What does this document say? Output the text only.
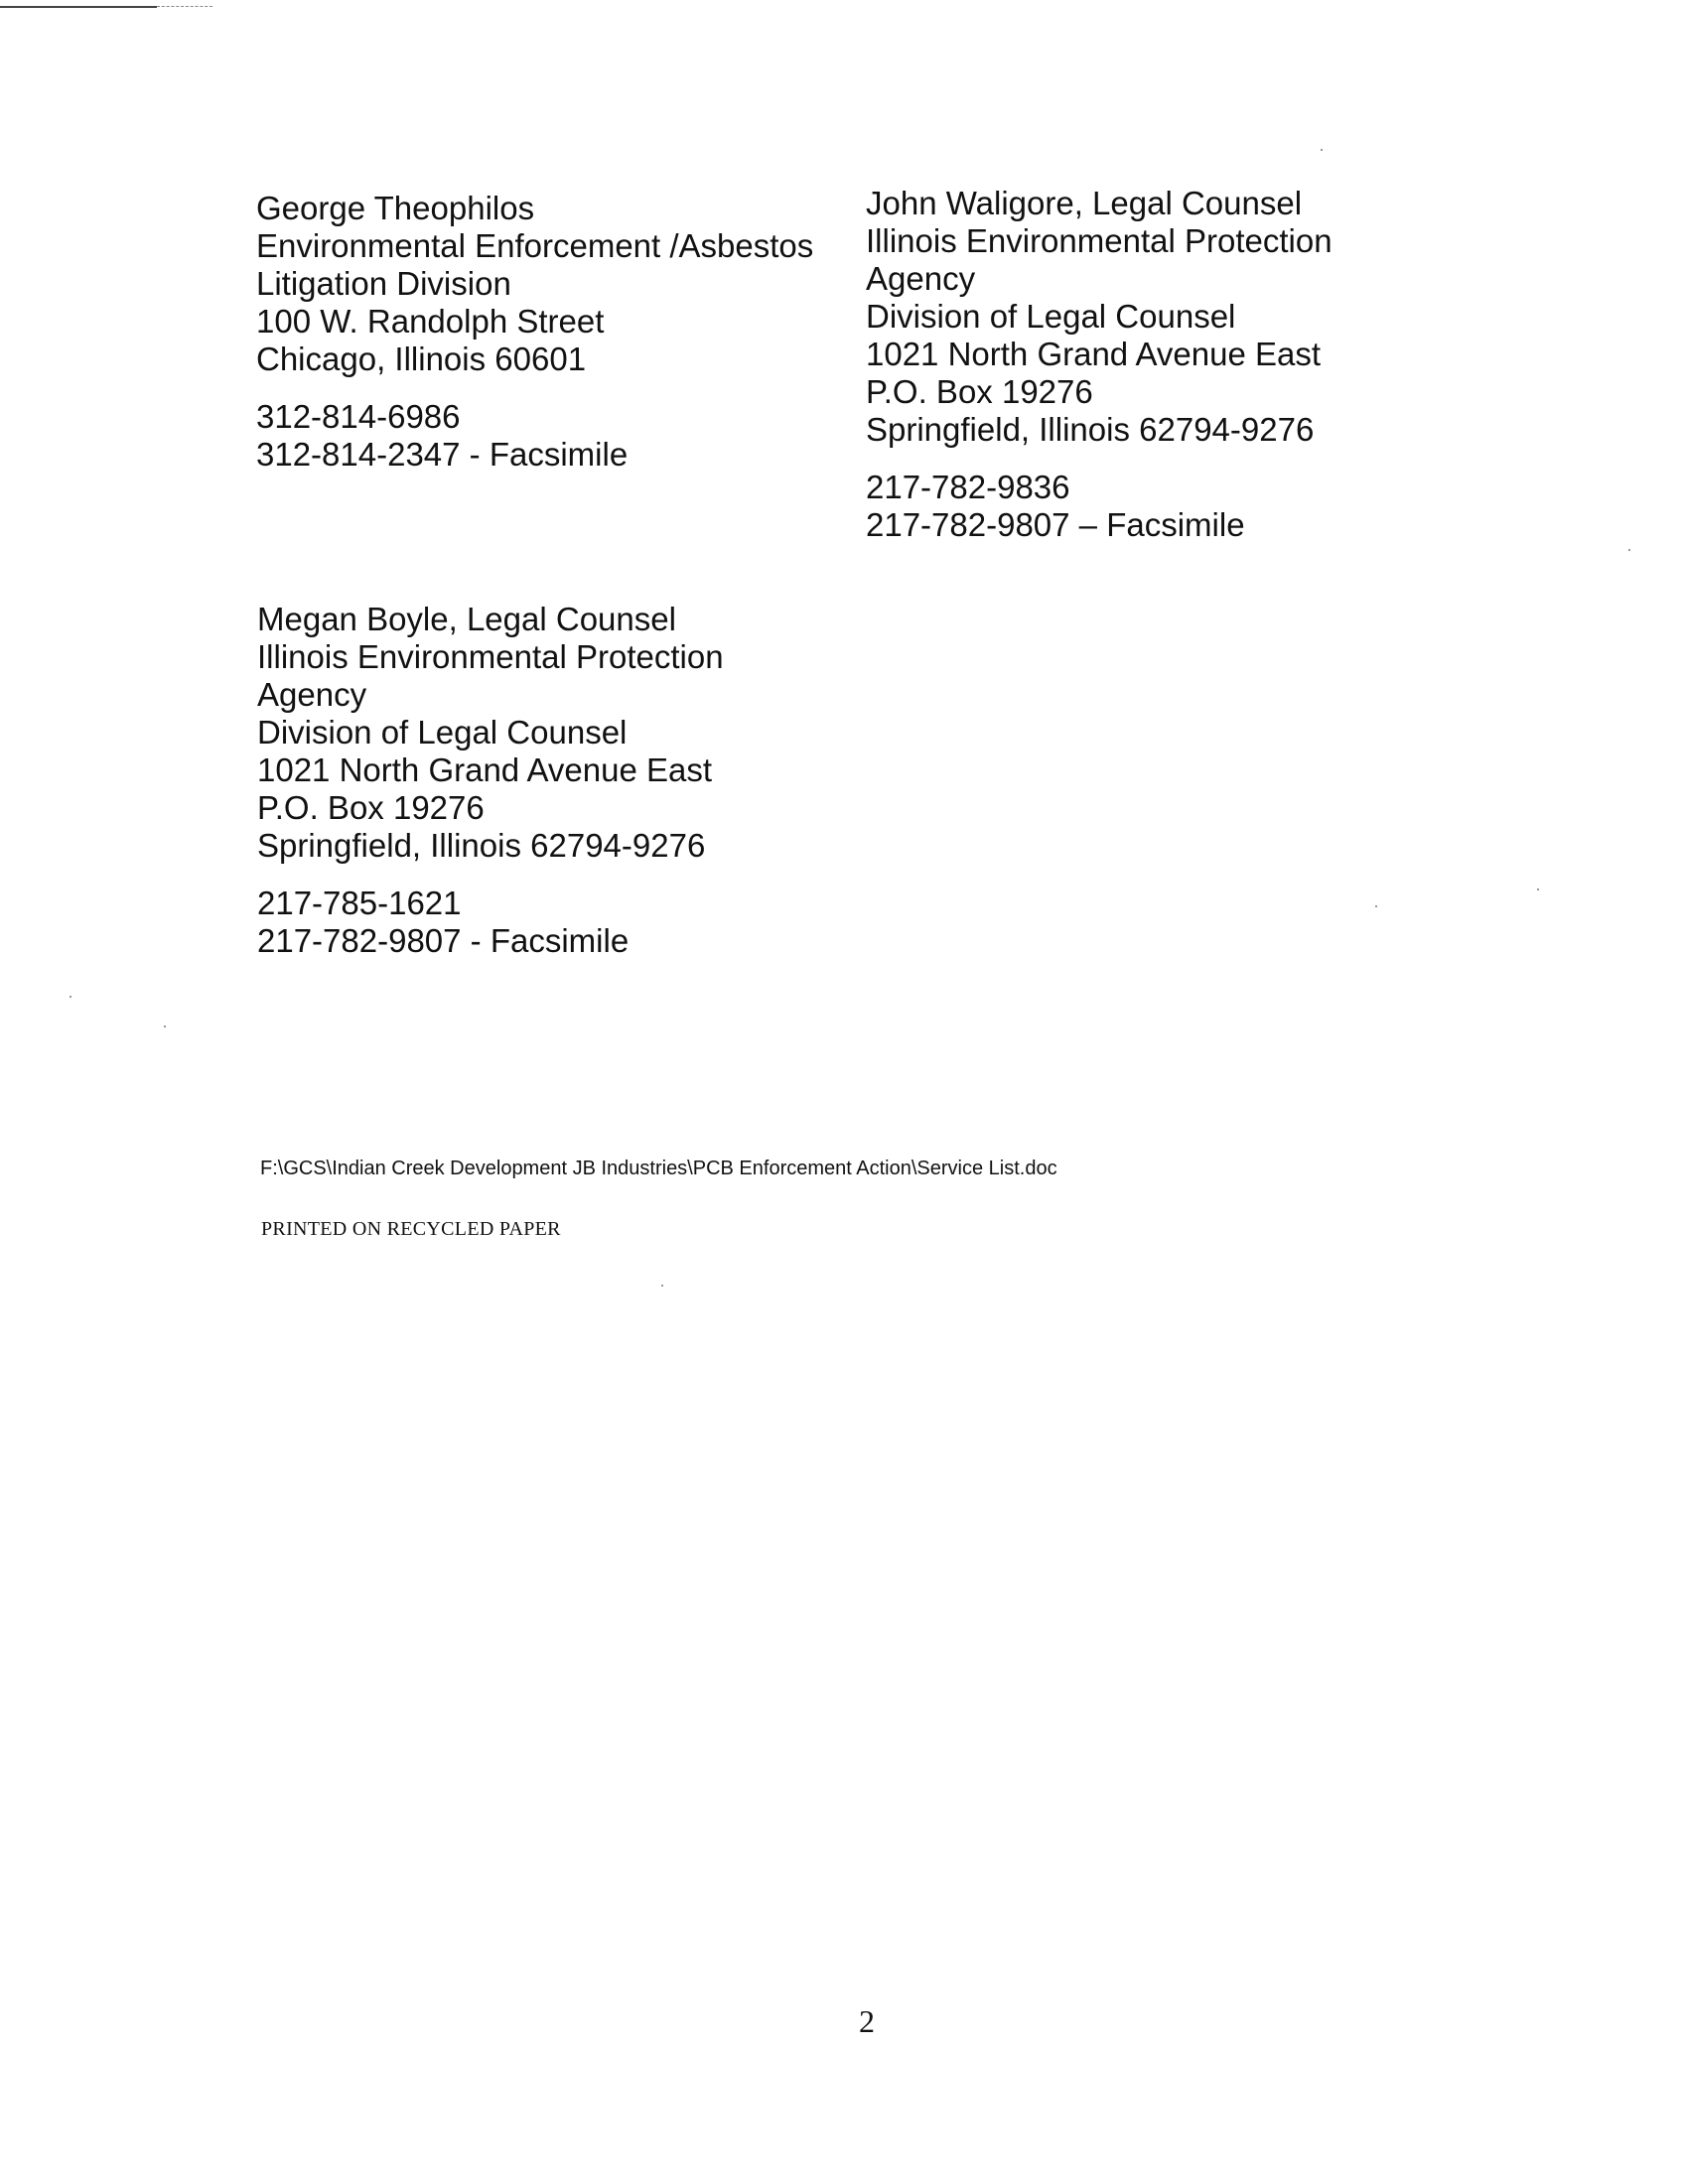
George Theophilos
Environmental Enforcement /Asbestos
Litigation Division
100 W. Randolph Street
Chicago, Illinois 60601
312-814-6986
312-814-2347 - Facsimile
John Waligore, Legal Counsel
Illinois Environmental Protection
Agency
Division of Legal Counsel
1021 North Grand Avenue East
P.O. Box 19276
Springfield, Illinois 62794-9276
217-782-9836
217-782-9807 – Facsimile
Megan Boyle, Legal Counsel
Illinois Environmental Protection
Agency
Division of Legal Counsel
1021 North Grand Avenue East
P.O. Box 19276
Springfield, Illinois 62794-9276
217-785-1621
217-782-9807 - Facsimile
F:\GCS\Indian Creek Development JB Industries\PCB Enforcement Action\Service List.doc
PRINTED ON RECYCLED PAPER
2
